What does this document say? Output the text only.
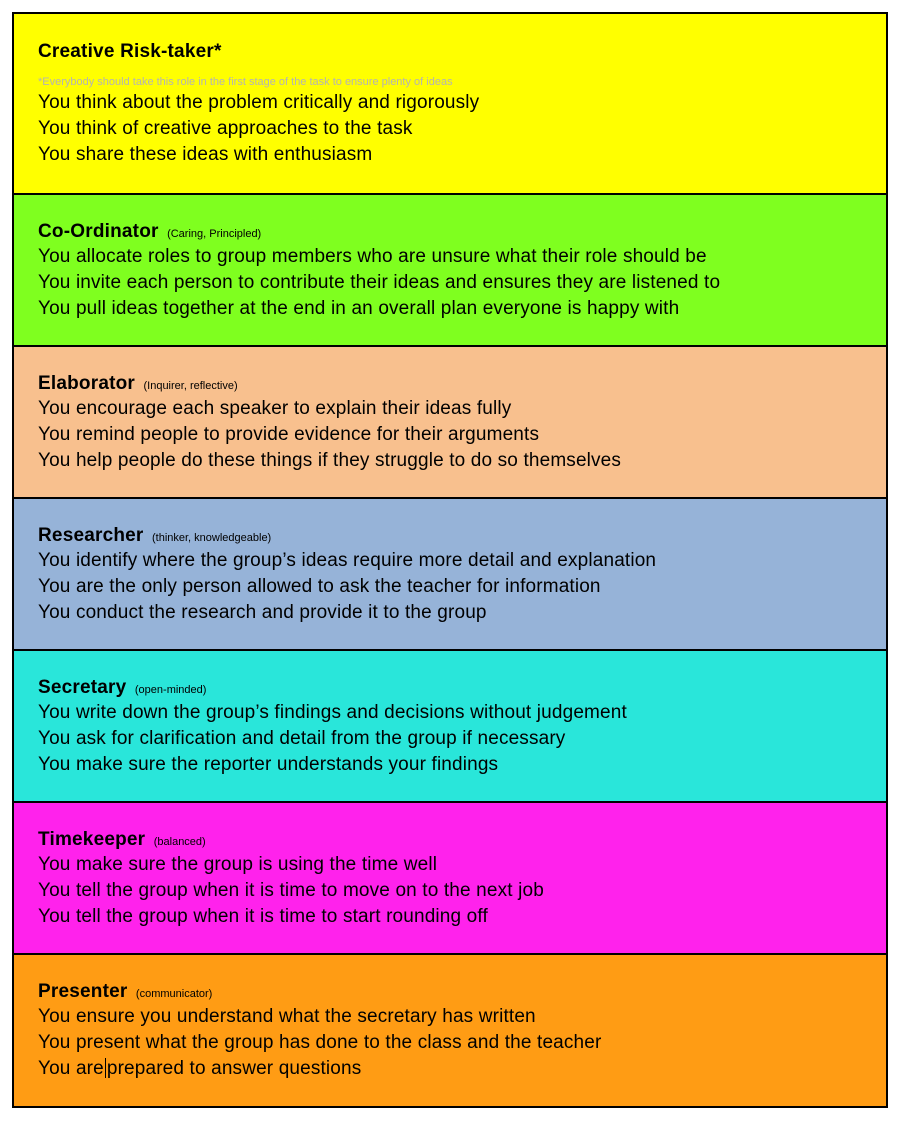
Creative Risk-taker*
*Everybody should take this role in the first stage of the task to ensure plenty of ideas
You think about the problem critically and rigorously
You think of creative approaches to the task
You share these ideas with enthusiasm
Co-Ordinator (Caring, Principled)
You allocate roles to group members who are unsure what their role should be
You invite each person to contribute their ideas and ensures they are listened to
You pull ideas together at the end in an overall plan everyone is happy with
Elaborator (Inquirer, reflective)
You encourage each speaker to explain their ideas fully
You remind people to provide evidence for their arguments
You help people do these things if they struggle to do so themselves
Researcher (thinker, knowledgeable)
You identify where the group’s ideas require more detail and explanation
You are the only person allowed to ask the teacher for information
You conduct the research and provide it to the group
Secretary (open-minded)
You write down the group’s findings and decisions without judgement
You ask for clarification and detail from the group if necessary
You make sure the reporter understands your findings
Timekeeper (balanced)
You make sure the group is using the time well
You tell the group when it is time to move on to the next job
You tell the group when it is time to start rounding off
Presenter (communicator)
You ensure you understand what the secretary has written
You present what the group has done to the class and the teacher
You are prepared to answer questions
